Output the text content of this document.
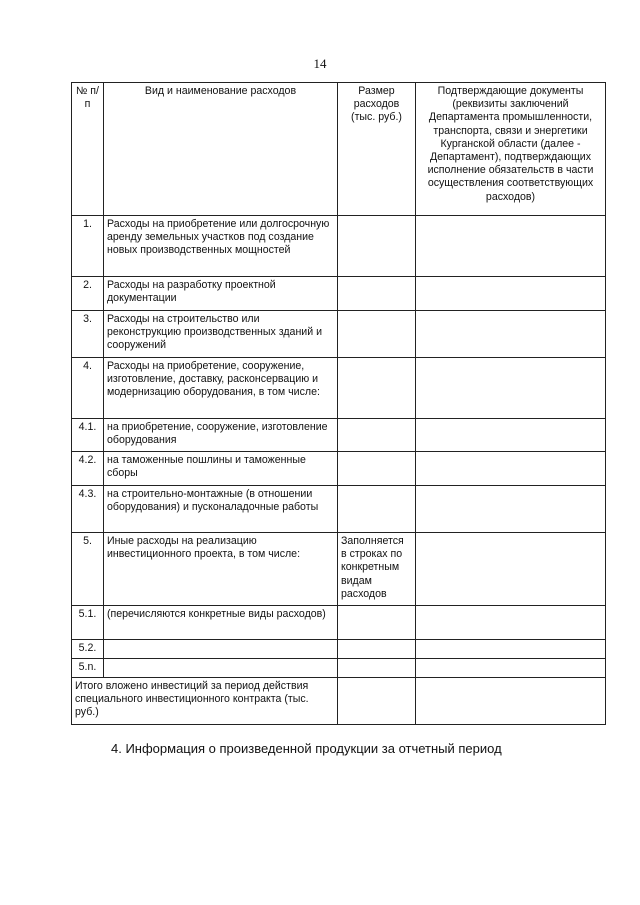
14
№ п/п	Вид и наименование расходов	Размер расходов (тыс. руб.)	Подтверждающие документы (реквизиты заключений Департамента промышленности, транспорта, связи и энергетики Курганской области (далее - Департамент), подтверждающих исполнение обязательств в части осуществления соответствующих расходов)
1.	Расходы на приобретение или долгосрочную аренду земельных участков под создание новых производственных мощностей		
2.	Расходы на разработку проектной документации		
3.	Расходы на строительство или реконструкцию производственных зданий и сооружений		
4.	Расходы на приобретение, сооружение, изготовление, доставку, расконсервацию и модернизацию оборудования, в том числе:		
4.1.	на приобретение, сооружение, изготовление оборудования		
4.2.	на таможенные пошлины и таможенные сборы		
4.3.	на строительно-монтажные (в отношении оборудования) и пусконаладочные работы		
5.	Иные расходы на реализацию инвестиционного проекта, в том числе:	Заполняется в строках по конкретным видам расходов	
5.1.	(перечисляются конкретные виды расходов)		
5.2.			
5.n.			
Итого вложено инвестиций за период действия специального инвестиционного контракта (тыс. руб.)			
4. Информация о произведенной продукции за отчетный период
